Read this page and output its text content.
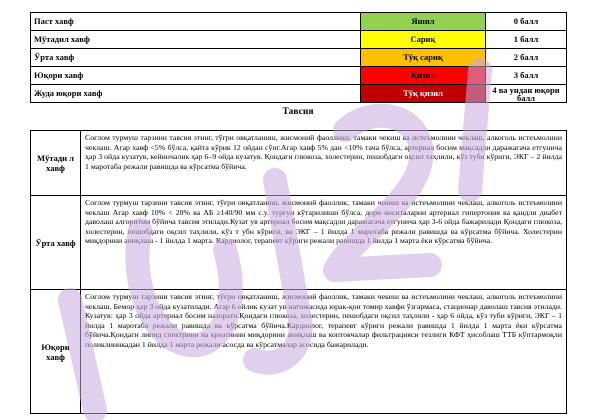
Паст хавф	Яшил	0 балл
Мўтадил хавф	Сариқ	1 балл
Ўрта хавф	Тўқ сариқ	2 балл
Юқори хавф	Қизил	3 балл
Жуда юқори хавф	Тўқ қизил	4 ва ундан юқори балл
Тавсия
Мўтади л хавф	Соғлом турмуш тарзини тавсия этинг, тўғри овқатланиш, жисмоний фаолликн, тамаки чекиш ва истеъмолини чеклаш, алкоголь истеъмолини чеклаш. Агар хавф <5% бўлса, қайта кўрик 12 ойдан сўнг.Агар хавф 5% дан <10% тача бўлса, артериал босим мақсадли даражагача етгунича ҳар 3 ойда кузатув, кейинчалик ҳар 6–9 ойда кузатув. Қондаги глюкоза, холестерин, пешобдаги оқсил таҳлили, кўз туби кўриги, ЭКГ – 2 йилда 1 маротаба режали равишда ва кўрсатма бўйича.
Ўрта хавф	Соғлом турмуш тарзини тавсия этинг, тўғри овқатланиш, жисмоний фаоллик, тамаки чекиш ва истеъмолини чеклаш, алкоголь истеъмолини чеклаш Агар хавф 10% < 20% ва АБ ≥140/90 мм с.у. турғун кўтарилиши бўлса, дори воситаларни артериал гипертония ва қандли диабет даволаш алгоритми бўйича тавсия этилади.Кузат ув артериал босим мақсадли даражагача етгунича ҳар 3-6 ойда бажарилади Қондаги глюкоза, холестерин, пешобдаги оқсил таҳлили, кўз т убн кўриги, ва ЭКГ – 1 йилда 1 маротаба режали равишда ва кўрсатма бўйича. Холестерин миқдорини аниқлаш - 1 йилда 1 марта. Кардиолог, терапевт кўриги режали равишда 1 йилда 1 марта ёки кўрсатма бўйича.
Юқори хавф	Соғлом турмуш тарзини тавсия этинг, тўғри овқатланиш, жисмоний фаоллик, тамаки чекиш ва истеъмолини чеклаш, алкоголь истеъмолини чеклаш. Бемор ҳар 3 ойда кузатилади. Агар 6 ойлик кузат ув натижасида юрак-қон томир хавфи ўзгармаса, стационар даволаш тавсия этилади. Кузатув: ҳар 3 ойда артериал босим назорати.Қондаги глюкоза, холестерин, пешобдаги оқсил таҳлили - ҳар 6 ойда, кўз туби кўриги, ЭКГ – 1 йилда 1 маротаба режали равишда ва кўрсатма бўйича.Кардиолог, терапевт кўриги режали равишда 1 йилда 1 марта ёки кўрсатма бўйича.Қондаги липид спектрини ва креатинин миқдорини аниқлаш ва коптокчалар фильтрацияси тезлиги КФТ ҳисоблаш ТТБ кўптармоқли поликлиникадан 1 йилда 1 марта режали асосда ва кўрсатмалар асосида бажарилади.
